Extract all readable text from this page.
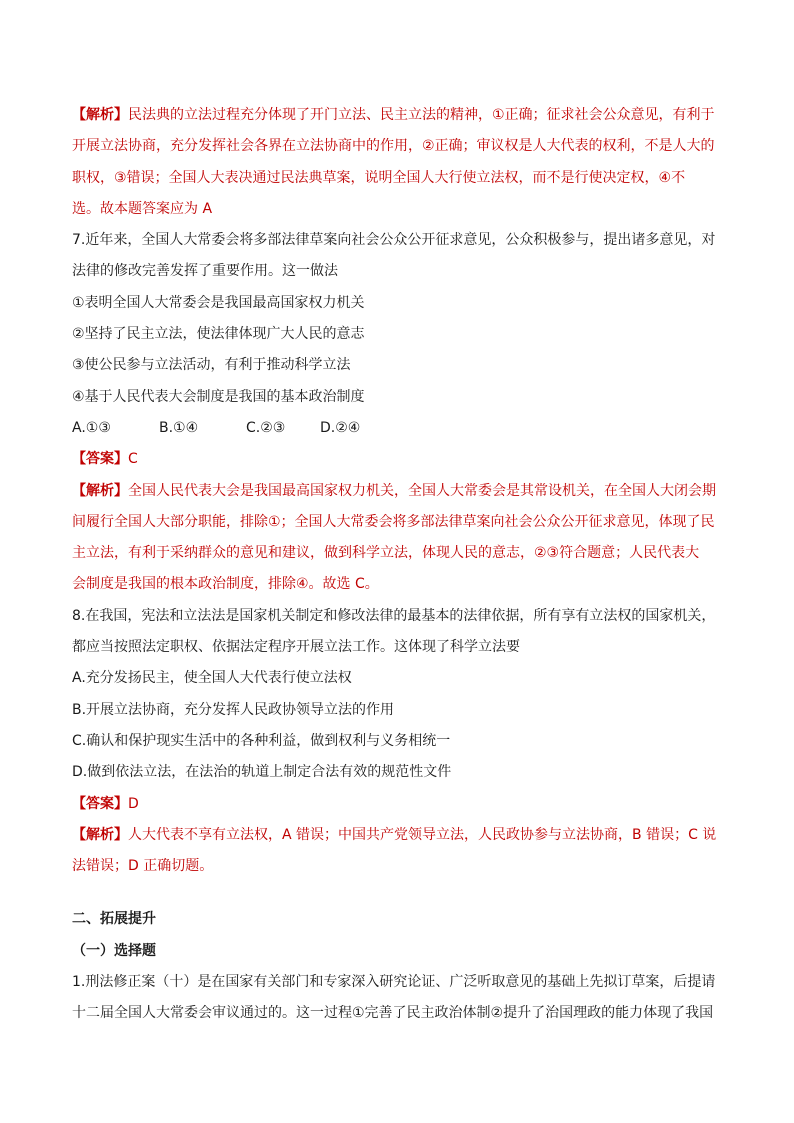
【解析】民法典的立法过程充分体现了开门立法、民主立法的精神，①正确；征求社会公众意见，有利于
开展立法协商，充分发挥社会各界在立法协商中的作用，②正确；审议权是人大代表的权利，不是人大的
职权，③错误；全国人大表决通过民法典草案，说明全国人大行使立法权，而不是行使决定权，④不
选。故本题答案应为 A
7.近年来，全国人大常委会将多部法律草案向社会公众公开征求意见，公众积极参与，提出诸多意见，对
法律的修改完善发挥了重要作用。这一做法
①表明全国人大常委会是我国最高国家权力机关
②坚持了民主立法，使法律体现广大人民的意志
③使公民参与立法活动，有利于推动科学立法
④基于人民代表大会制度是我国的基本政治制度
A.①③	B.①④	C.②③ D.②④
【答案】C
【解析】全国人民代表大会是我国最高国家权力机关，全国人大常委会是其常设机关，在全国人大闭会期
间履行全国人大部分职能，排除①；全国人大常委会将多部法律草案向社会公众公开征求意见，体现了民
主立法，有利于采纳群众的意见和建议，做到科学立法，体现人民的意志，②③符合题意；人民代表大
会制度是我国的根本政治制度，排除④。故选 C。
8.在我国，宪法和立法法是国家机关制定和修改法律的最基本的法律依据，所有享有立法权的国家机关，
都应当按照法定职权、依据法定程序开展立法工作。这体现了科学立法要
A.充分发扬民主，使全国人大代表行使立法权
B.开展立法协商，充分发挥人民政协领导立法的作用
C.确认和保护现实生活中的各种利益，做到权利与义务相统一
D.做到依法立法，在法治的轨道上制定合法有效的规范性文件
【答案】D
【解析】人大代表不享有立法权，A 错误；中国共产党领导立法，人民政协参与立法协商，B 错误；C 说
法错误；D 正确切题。
二、拓展提升
（一）选择题
1.刑法修正案（十）是在国家有关部门和专家深入研究论证、广泛听取意见的基础上先拟订草案，后提请
十二届全国人大常委会审议通过的。这一过程①完善了民主政治体制②提升了治国理政的能力体现了我国
